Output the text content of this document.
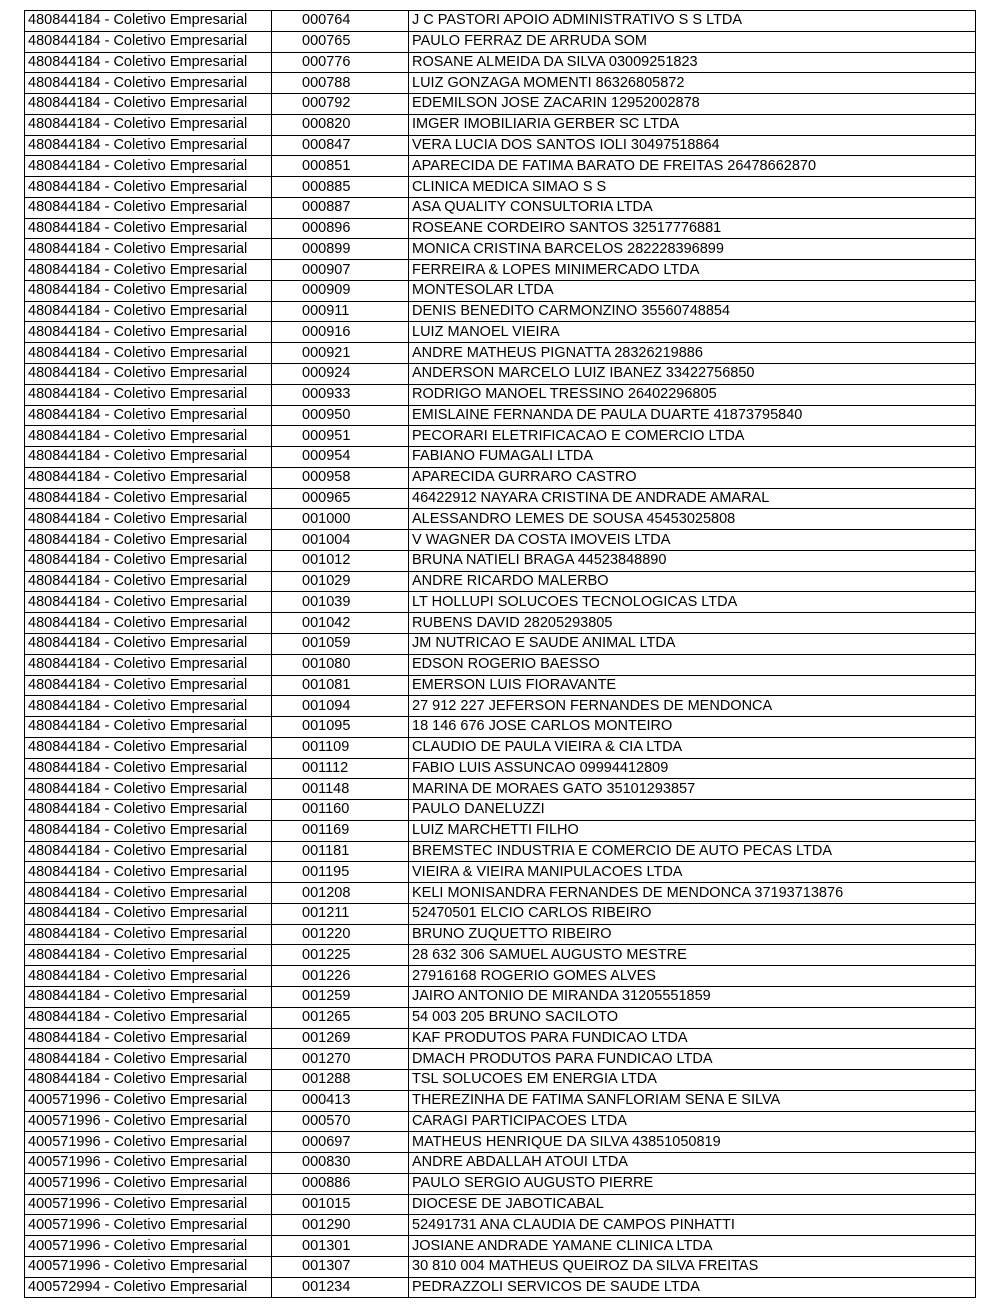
480844184 - Coletivo Empresarial	000764	J C PASTORI APOIO ADMINISTRATIVO S S LTDA
480844184 - Coletivo Empresarial	000765	PAULO FERRAZ DE ARRUDA SOM
480844184 - Coletivo Empresarial	000776	ROSANE ALMEIDA DA SILVA 03009251823
480844184 - Coletivo Empresarial	000788	LUIZ GONZAGA MOMENTI 86326805872
480844184 - Coletivo Empresarial	000792	EDEMILSON JOSE ZACARIN 12952002878
480844184 - Coletivo Empresarial	000820	IMGER IMOBILIARIA GERBER SC LTDA
480844184 - Coletivo Empresarial	000847	VERA LUCIA DOS SANTOS IOLI 30497518864
480844184 - Coletivo Empresarial	000851	APARECIDA DE FATIMA BARATO DE FREITAS 26478662870
480844184 - Coletivo Empresarial	000885	CLINICA MEDICA SIMAO S S
480844184 - Coletivo Empresarial	000887	ASA QUALITY CONSULTORIA LTDA
480844184 - Coletivo Empresarial	000896	ROSEANE CORDEIRO SANTOS 32517776881
480844184 - Coletivo Empresarial	000899	MONICA CRISTINA BARCELOS 282228396899
480844184 - Coletivo Empresarial	000907	FERREIRA & LOPES MINIMERCADO LTDA
480844184 - Coletivo Empresarial	000909	MONTESOLAR LTDA
480844184 - Coletivo Empresarial	000911	DENIS BENEDITO CARMONZINO 35560748854
480844184 - Coletivo Empresarial	000916	LUIZ MANOEL VIEIRA
480844184 - Coletivo Empresarial	000921	ANDRE MATHEUS PIGNATTA 28326219886
480844184 - Coletivo Empresarial	000924	ANDERSON MARCELO LUIZ IBANEZ 33422756850
480844184 - Coletivo Empresarial	000933	RODRIGO MANOEL TRESSINO 26402296805
480844184 - Coletivo Empresarial	000950	EMISLAINE FERNANDA DE PAULA DUARTE 41873795840
480844184 - Coletivo Empresarial	000951	PECORARI ELETRIFICACAO E COMERCIO LTDA
480844184 - Coletivo Empresarial	000954	FABIANO FUMAGALI LTDA
480844184 - Coletivo Empresarial	000958	APARECIDA GURRARO CASTRO
480844184 - Coletivo Empresarial	000965	46422912 NAYARA CRISTINA DE ANDRADE AMARAL
480844184 - Coletivo Empresarial	001000	ALESSANDRO LEMES DE SOUSA 45453025808
480844184 - Coletivo Empresarial	001004	V WAGNER DA COSTA IMOVEIS LTDA
480844184 - Coletivo Empresarial	001012	BRUNA NATIELI BRAGA 44523848890
480844184 - Coletivo Empresarial	001029	ANDRE RICARDO MALERBO
480844184 - Coletivo Empresarial	001039	LT HOLLUPI SOLUCOES TECNOLOGICAS LTDA
480844184 - Coletivo Empresarial	001042	RUBENS DAVID 28205293805
480844184 - Coletivo Empresarial	001059	JM NUTRICAO E SAUDE ANIMAL LTDA
480844184 - Coletivo Empresarial	001080	EDSON ROGERIO BAESSO
480844184 - Coletivo Empresarial	001081	EMERSON LUIS FIORAVANTE
480844184 - Coletivo Empresarial	001094	27 912 227 JEFERSON FERNANDES DE MENDONCA
480844184 - Coletivo Empresarial	001095	18 146 676 JOSE CARLOS MONTEIRO
480844184 - Coletivo Empresarial	001109	CLAUDIO DE PAULA VIEIRA & CIA LTDA
480844184 - Coletivo Empresarial	001112	FABIO LUIS ASSUNCAO 09994412809
480844184 - Coletivo Empresarial	001148	MARINA DE MORAES GATO 35101293857
480844184 - Coletivo Empresarial	001160	PAULO DANELUZZI
480844184 - Coletivo Empresarial	001169	LUIZ MARCHETTI FILHO
480844184 - Coletivo Empresarial	001181	BREMSTEC INDUSTRIA E COMERCIO DE AUTO PECAS LTDA
480844184 - Coletivo Empresarial	001195	VIEIRA & VIEIRA MANIPULACOES LTDA
480844184 - Coletivo Empresarial	001208	KELI MONISANDRA FERNANDES DE MENDONCA 37193713876
480844184 - Coletivo Empresarial	001211	52470501 ELCIO CARLOS RIBEIRO
480844184 - Coletivo Empresarial	001220	BRUNO ZUQUETTO RIBEIRO
480844184 - Coletivo Empresarial	001225	28 632 306 SAMUEL AUGUSTO MESTRE
480844184 - Coletivo Empresarial	001226	27916168 ROGERIO GOMES ALVES
480844184 - Coletivo Empresarial	001259	JAIRO ANTONIO DE MIRANDA 31205551859
480844184 - Coletivo Empresarial	001265	54 003 205 BRUNO SACILOTO
480844184 - Coletivo Empresarial	001269	KAF PRODUTOS PARA FUNDICAO LTDA
480844184 - Coletivo Empresarial	001270	DMACH PRODUTOS PARA FUNDICAO LTDA
480844184 - Coletivo Empresarial	001288	TSL SOLUCOES EM ENERGIA LTDA
400571996 - Coletivo Empresarial	000413	THEREZINHA DE FATIMA SANFLORIAM SENA E SILVA
400571996 - Coletivo Empresarial	000570	CARAGI PARTICIPACOES LTDA
400571996 - Coletivo Empresarial	000697	MATHEUS HENRIQUE DA SILVA 43851050819
400571996 - Coletivo Empresarial	000830	ANDRE ABDALLAH ATOUI LTDA
400571996 - Coletivo Empresarial	000886	PAULO SERGIO AUGUSTO PIERRE
400571996 - Coletivo Empresarial	001015	DIOCESE DE JABOTICABAL
400571996 - Coletivo Empresarial	001290	52491731 ANA CLAUDIA DE CAMPOS PINHATTI
400571996 - Coletivo Empresarial	001301	JOSIANE ANDRADE YAMANE CLINICA LTDA
400571996 - Coletivo Empresarial	001307	30 810 004 MATHEUS QUEIROZ DA SILVA FREITAS
400572994 - Coletivo Empresarial	001234	PEDRAZZOLI SERVICOS DE SAUDE LTDA
